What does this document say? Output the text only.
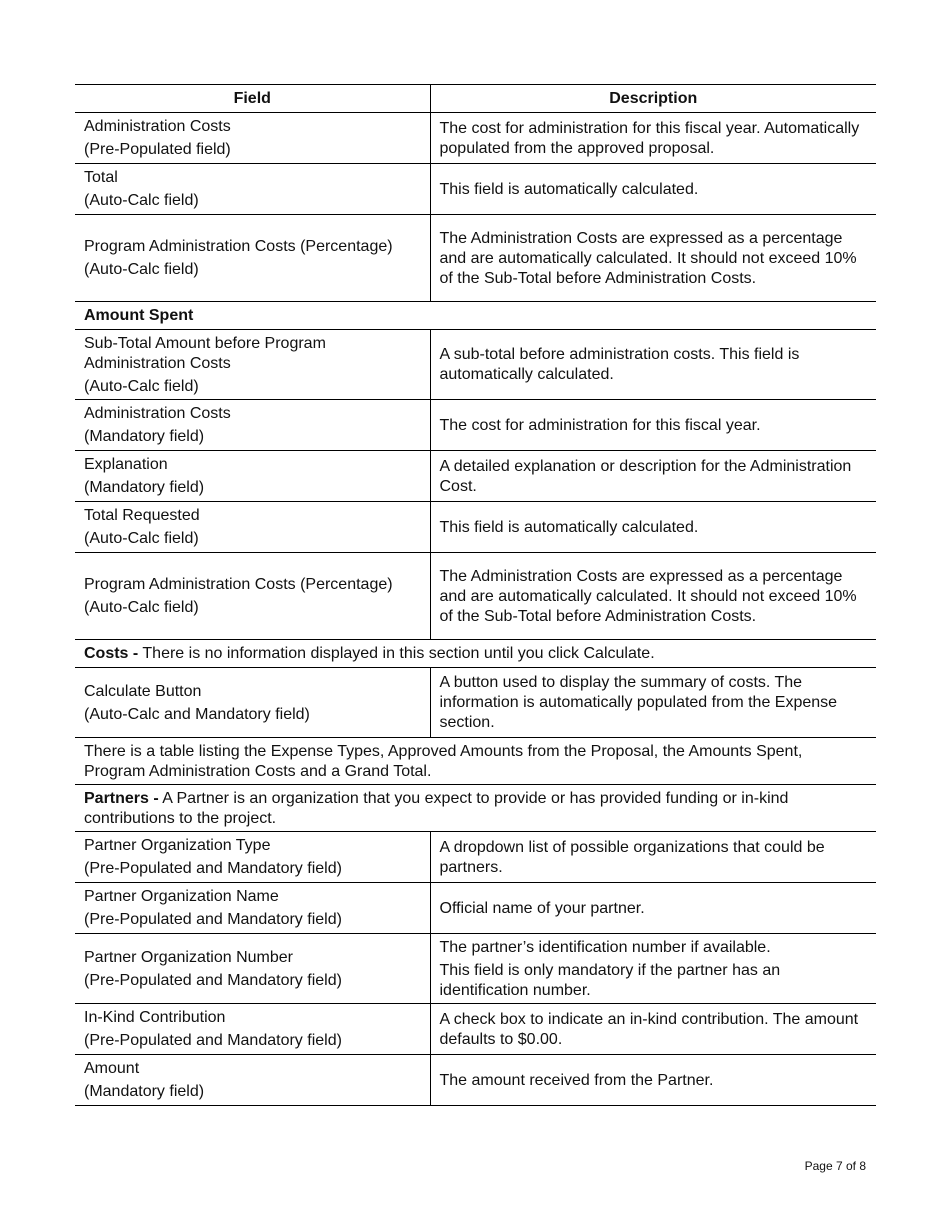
Field	Description

Administration Costs
(Pre-Populated field)	The cost for administration for this fiscal year. Automatically populated from the approved proposal.

Total
(Auto-Calc field)	This field is automatically calculated.

Program Administration Costs (Percentage)
(Auto-Calc field)	The Administration Costs are expressed as a percentage and are automatically calculated. It should not exceed 10% of the Sub-Total before Administration Costs.
Amount Spent	

Sub-Total Amount before Program Administration Costs
(Auto-Calc field)	A sub-total before administration costs. This field is automatically calculated.

Administration Costs
(Mandatory field)	The cost for administration for this fiscal year.

Explanation
(Mandatory field)	A detailed explanation or description for the Administration Cost.

Total Requested
(Auto-Calc field)	This field is automatically calculated.

Program Administration Costs (Percentage)
(Auto-Calc field)	The Administration Costs are expressed as a percentage and are automatically calculated. It should not exceed 10% of the Sub-Total before Administration Costs.
Costs - There is no information displayed in this section until you click Calculate.	

Calculate Button
(Auto-Calc and Mandatory field)	A button used to display the summary of costs. The information is automatically populated from the Expense section.
There is a table listing the Expense Types, Approved Amounts from the Proposal, the Amounts Spent, Program Administration Costs and a Grand Total.	
Partners - A Partner is an organization that you expect to provide or has provided funding or in-kind contributions to the project.	

Partner Organization Type
(Pre-Populated and Mandatory field)	A dropdown list of possible organizations that could be partners.

Partner Organization Name
(Pre-Populated and Mandatory field)	Official name of your partner.

Partner Organization Number
(Pre-Populated and Mandatory field)	The partner’s identification number if available.
This field is only mandatory if the partner has an identification number.

In-Kind Contribution
(Pre-Populated and Mandatory field)	A check box to indicate an in-kind contribution. The amount defaults to $0.00.

Amount
(Mandatory field)	The amount received from the Partner.
Page 7 of 8
